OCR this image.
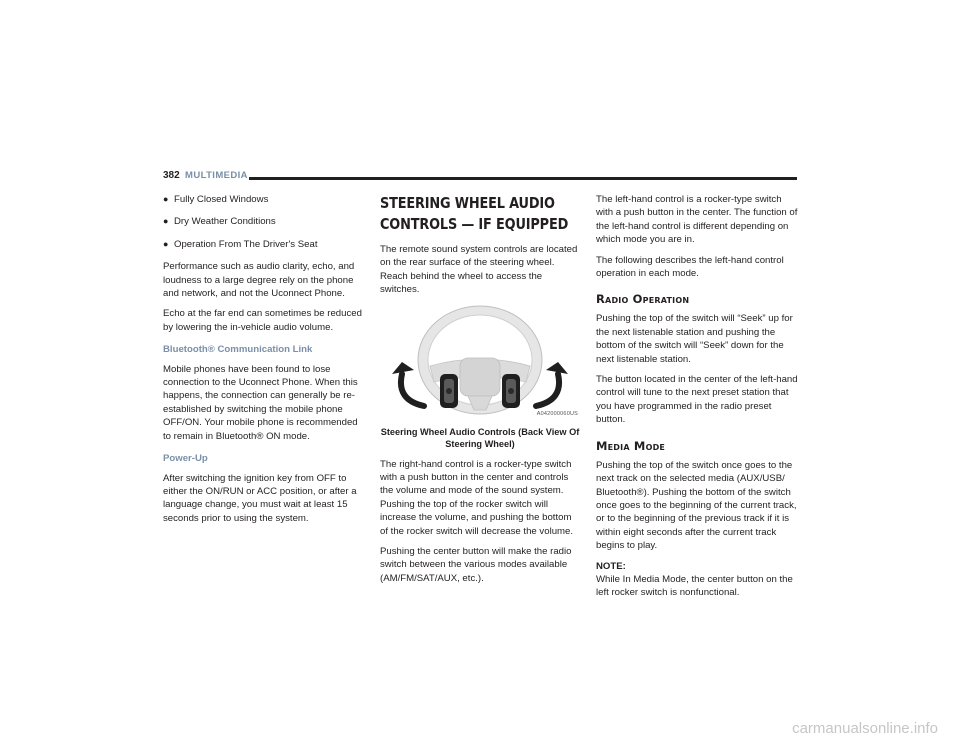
382 MULTIMEDIA
● Fully Closed Windows
● Dry Weather Conditions
● Operation From The Driver's Seat

Performance such as audio clarity, echo, and loudness to a large degree rely on the phone and network, and not the Uconnect Phone.

Echo at the far end can sometimes be reduced by lowering the in-vehicle audio volume.

Bluetooth® Communication Link

Mobile phones have been found to lose connection to the Uconnect Phone. When this happens, the connection can generally be re-established by switching the mobile phone OFF/ON. Your mobile phone is recommended to remain in Bluetooth® ON mode.

Power-Up

After switching the ignition key from OFF to either the ON/RUN or ACC position, or after a language change, you must wait at least 15 seconds prior to using the system.

STEERING WHEEL AUDIO CONTROLS — IF EQUIPPED

The remote sound system controls are located on the rear surface of the steering wheel. Reach behind the wheel to access the switches.

A042000060US
Steering Wheel Audio Controls (Back View Of Steering Wheel)

The right-hand control is a rocker-type switch with a push button in the center and controls the volume and mode of the sound system. Pushing the top of the rocker switch will increase the volume, and pushing the bottom of the rocker switch will decrease the volume.

Pushing the center button will make the radio switch between the various modes available (AM/FM/SAT/AUX, etc.).

The left-hand control is a rocker-type switch with a push button in the center. The function of the left-hand control is different depending on which mode you are in.

The following describes the left-hand control operation in each mode.

Radio Operation

Pushing the top of the switch will “Seek” up for the next listenable station and pushing the bottom of the switch will “Seek” down for the next listenable station.

The button located in the center of the left-hand control will tune to the next preset station that you have programmed in the radio preset button.

Media Mode

Pushing the top of the switch once goes to the next track on the selected media (AUX/USB/ Bluetooth®). Pushing the bottom of the switch once goes to the beginning of the current track, or to the beginning of the previous track if it is within eight seconds after the current track begins to play.

NOTE:

While In Media Mode, the center button on the left rocker switch is nonfunctional.

carmanualsonline.info
